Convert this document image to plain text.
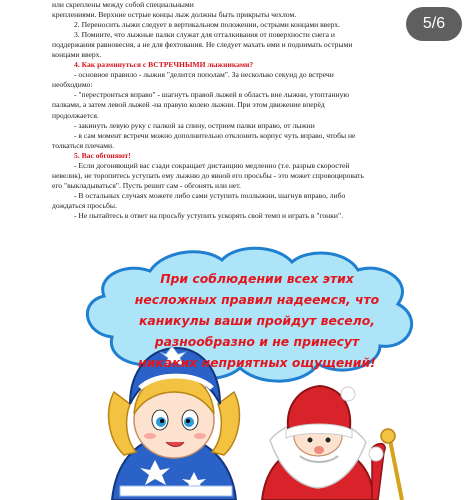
или скреплены между собой специальными

креплениями. Верхние острые концы лыж должны быть прикрыты чехлом.

2. Переносить лыжи следует в вертикальном положении, острыми концами вверх.

3. Помните, что лыжные палки служат для отталкивания от поверхности снега и

поддержания равновесия, а не для фехтования. Не следует махать ими и поднимать острыми

концами вверх.

4. Как разминуться с ВСТРЕЧНЫМИ лыжниками?

- основное правило - лыжня "делится пополам". За несколько секунд до встречи

необходимо:

- "перестроиться вправо" - шагнуть правой лыжей в область вне лыжни, утоптанную

палками, а затем левой лыжей -на правую колею лыжни. При этом движение вперёд

продолжается.

- закинуть левую руку с палкой за спину, острием палки вправо, от лыжни

- в сам момент встречи можно дополнительно отклонить корпус чуть вправо, чтобы не

толкаться плечами.

5. Вас обгоняют!

- Если догоняющий вас сзади сокращает дистанцию медленно (т.е. разрыв скоростей

невелик), не торопитесь уступать ему лыжню до явной его просьбы - это может спровоцировать

его "выкладываться". Пусть решит сам - обгонять или нет.

- В остальных случаях можете либо сами уступить поллыжни, шагнув вправо, либо

дождаться просьбы.

- Не пытайтесь в ответ на просьбу уступить ускорять свой темп и играть в "гонки".

5/6
При соблюдении всех этих
несложных правил надеемся, что
каникулы ваши пройдут весело,
разнообразно и не принесут
никаких неприятных ощущений!
